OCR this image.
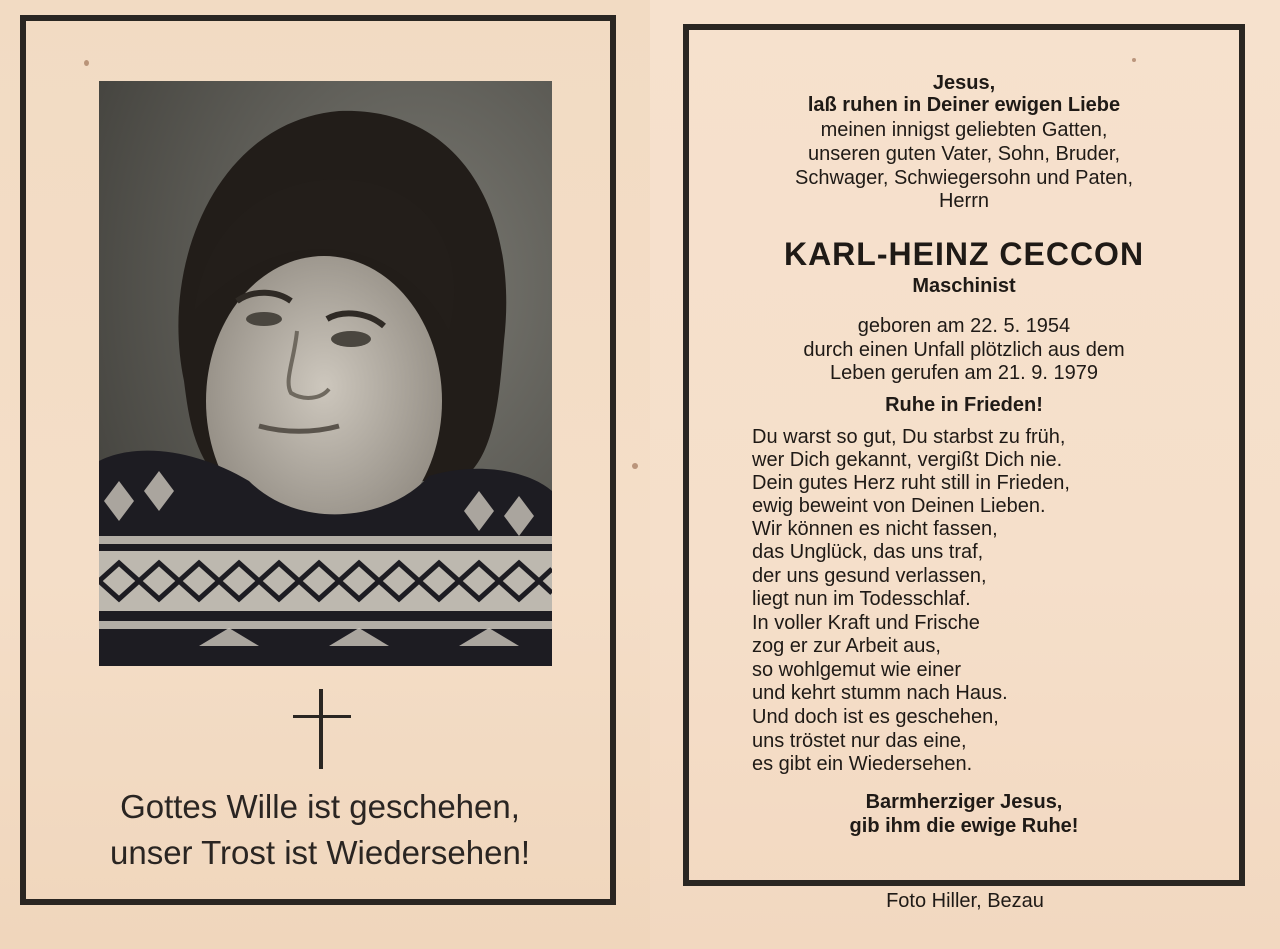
Gottes Wille ist geschehen,
unser Trost ist Wiedersehen!
Jesus,
laß ruhen in Deiner ewigen Liebe
meinen innigst geliebten Gatten,
unseren guten Vater, Sohn, Bruder,
Schwager, Schwiegersohn und Paten,
Herrn
KARL-HEINZ CECCON
Maschinist
geboren am 22. 5. 1954
durch einen Unfall plötzlich aus dem
Leben gerufen am 21. 9. 1979
Ruhe in Frieden!
Du warst so gut, Du starbst zu früh,
wer Dich gekannt, vergißt Dich nie.
Dein gutes Herz ruht still in Frieden,
ewig beweint von Deinen Lieben.
Wir können es nicht fassen,
das Unglück, das uns traf,
der uns gesund verlassen,
liegt nun im Todesschlaf.
In voller Kraft und Frische
zog er zur Arbeit aus,
so wohlgemut wie einer
und kehrt stumm nach Haus.
Und doch ist es geschehen,
uns tröstet nur das eine,
es gibt ein Wiedersehen.
Barmherziger Jesus,
gib ihm die ewige Ruhe!
Foto Hiller, Bezau
